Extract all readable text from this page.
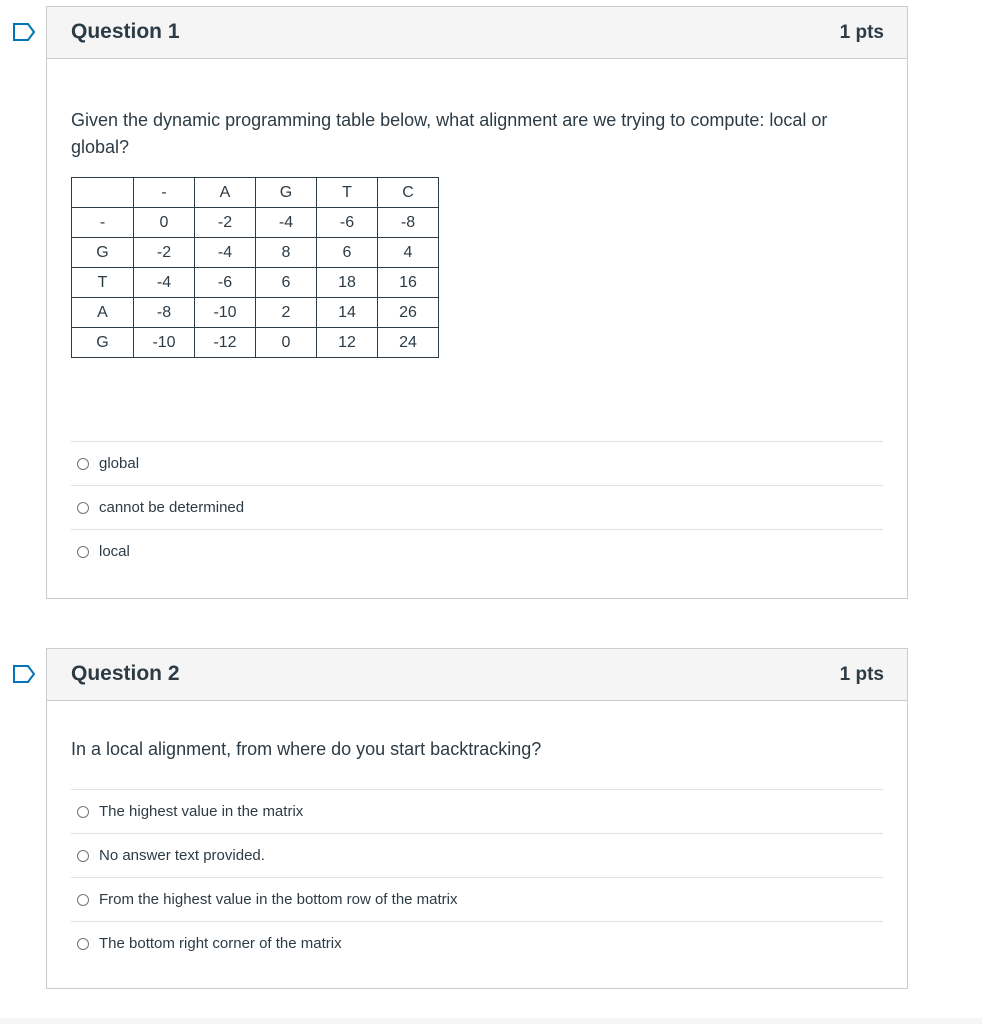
Question 1	1 pts
Given the dynamic programming table below, what alignment are we trying to compute: local or global?
	-	A	G	T	C
-	0	-2	-4	-6	-8
G	-2	-4	8	6	4
T	-4	-6	6	18	16
A	-8	-10	2	14	26
G	-10	-12	0	12	24
global
cannot be determined
local
Question 2	1 pts
In a local alignment, from where do you start backtracking?
The highest value in the matrix
No answer text provided.
From the highest value in the bottom row of the matrix
The bottom right corner of the matrix
